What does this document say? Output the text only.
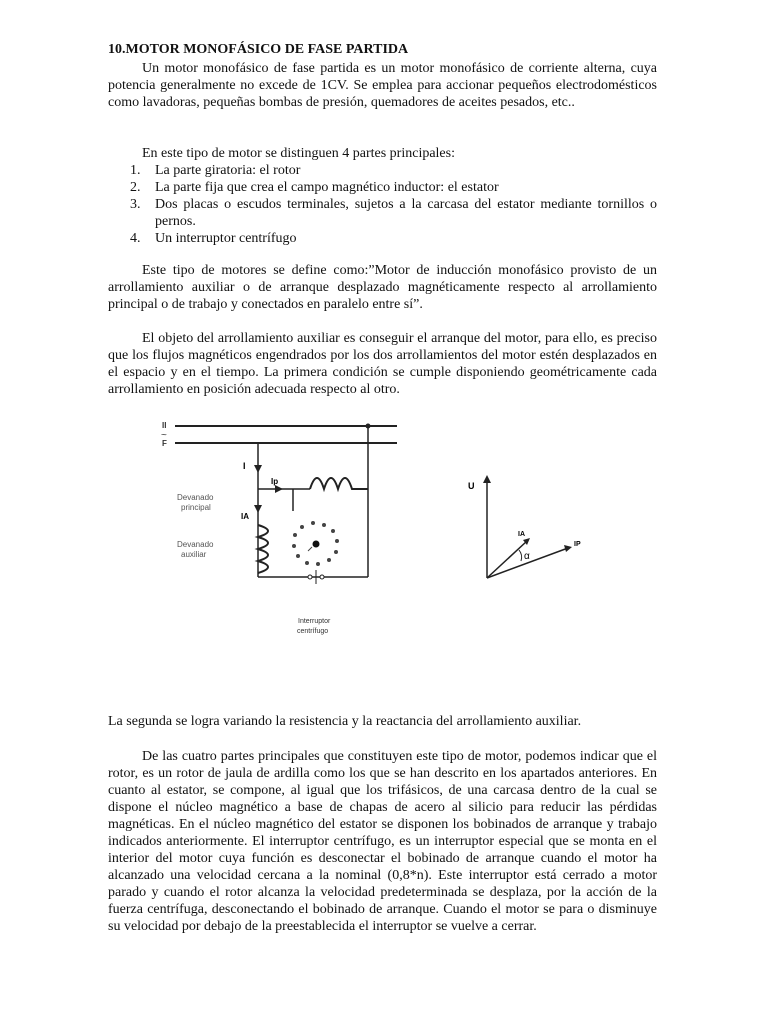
10.MOTOR MONOFÁSICO DE FASE PARTIDA

Un motor monofásico de fase partida es un motor monofásico de corriente alterna, cuya potencia generalmente no excede de 1CV. Se emplea para accionar pequeños electrodomésticos como lavadoras, pequeñas bombas de presión, quemadores de aceites pesados, etc..

En este tipo de motor se distinguen 4 partes principales:

1. La parte giratoria: el rotor
2. La parte fija que crea el campo magnético inductor: el estator
3. Dos placas o escudos terminales, sujetos a la carcasa del estator mediante tornillos o pernos.
4. Un interruptor centrífugo

Este tipo de motores se define como:”Motor de inducción monofásico provisto de un arrollamiento auxiliar o de arranque desplazado magnéticamente respecto al arrollamiento principal o de trabajo y conectados en paralelo entre sí”.

El objeto del arrollamiento auxiliar es conseguir el arranque del motor, para ello, es preciso que los flujos magnéticos engendrados por los dos arrollamientos del motor estén desplazados en el espacio y en el tiempo. La primera condición se cumple disponiendo geométricamente cada arrollamiento en posición adecuada respecto al otro.

II
~
F
I
Ip
Devanado
principal
IA
Devanado
auxiliar
Interruptor
centrífugo
U
IA
IP
α

La segunda se logra variando la resistencia y la reactancia del arrollamiento auxiliar.

De las cuatro partes principales que constituyen este tipo de motor, podemos indicar que el rotor, es un rotor de jaula de ardilla como los que se han descrito en los apartados anteriores. En cuanto al estator, se compone, al igual que los trifásicos, de una carcasa dentro de la cual se dispone el núcleo magnético a base de chapas de acero al silicio para reducir las pérdidas magnéticas. En el núcleo magnético del estator se disponen los bobinados de arranque y trabajo indicados anteriormente. El interruptor centrífugo, es un interruptor especial que se monta en el interior del motor cuya función es desconectar el bobinado de arranque cuando el motor ha alcanzado una velocidad cercana a la nominal (0,8*n). Este interruptor está cerrado a motor parado y cuando el rotor alcanza la velocidad predeterminada se desplaza, por la acción de la fuerza centrífuga, desconectando el bobinado de arranque. Cuando el motor se para o disminuye su velocidad por debajo de la preestablecida el interruptor se vuelve a cerrar.
